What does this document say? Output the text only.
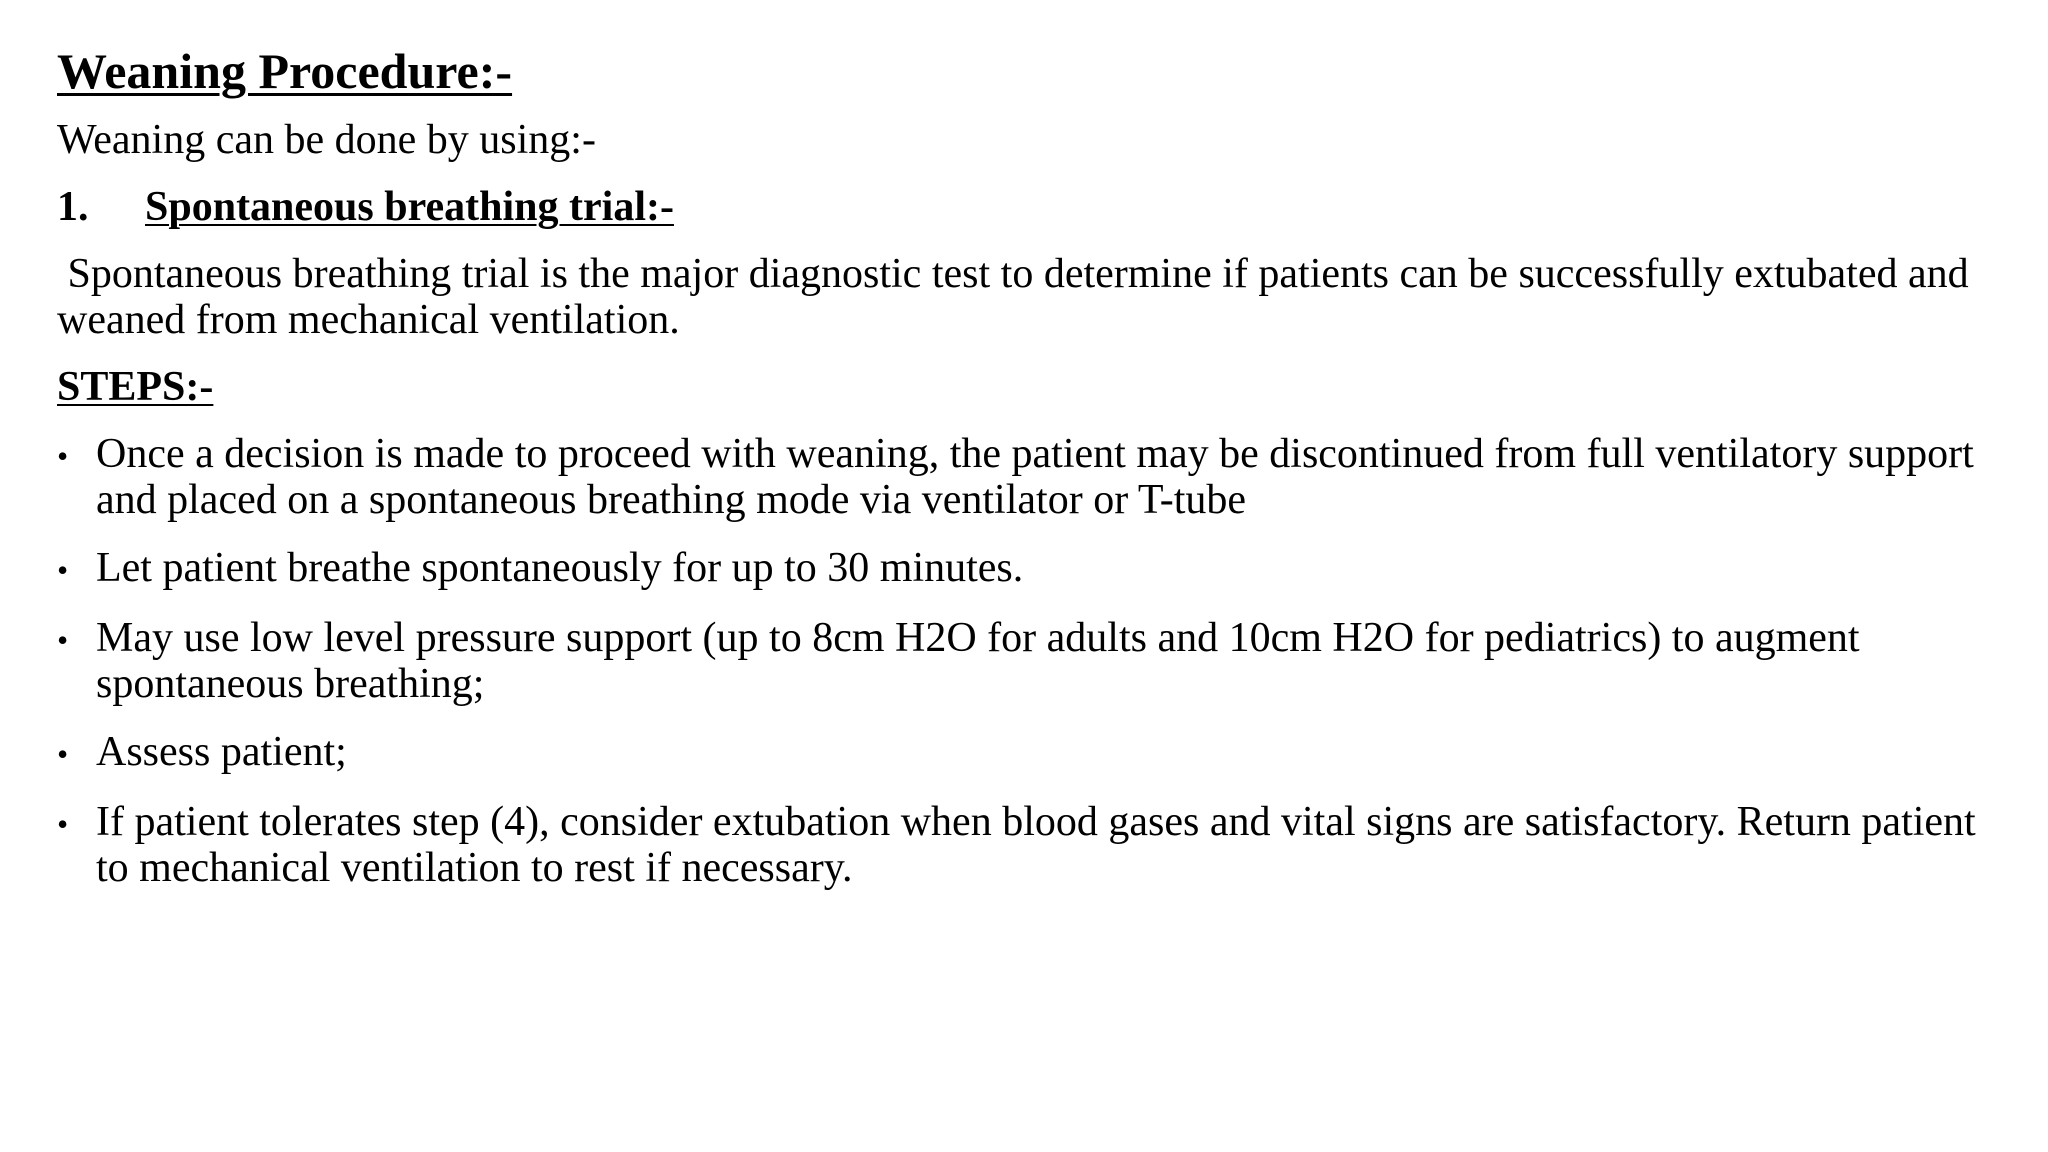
Weaning Procedure:-

Weaning can be done by using:-

1.	Spontaneous breathing trial:-

Spontaneous breathing trial is the major diagnostic test to determine if patients can be successfully extubated and weaned from mechanical ventilation.

STEPS:-
• Once a decision is made to proceed with weaning, the patient may be discontinued from full ventilatory support and placed on a spontaneous breathing mode via ventilator or T-tube
• Let patient breathe spontaneously for up to 30 minutes.
• May use low level pressure support (up to 8cm H2O for adults and 10cm H2O for pediatrics) to augment spontaneous breathing;
• Assess patient;
• If patient tolerates step (4), consider extubation when blood gases and vital signs are satisfactory. Return patient to mechanical ventilation to rest if necessary.
